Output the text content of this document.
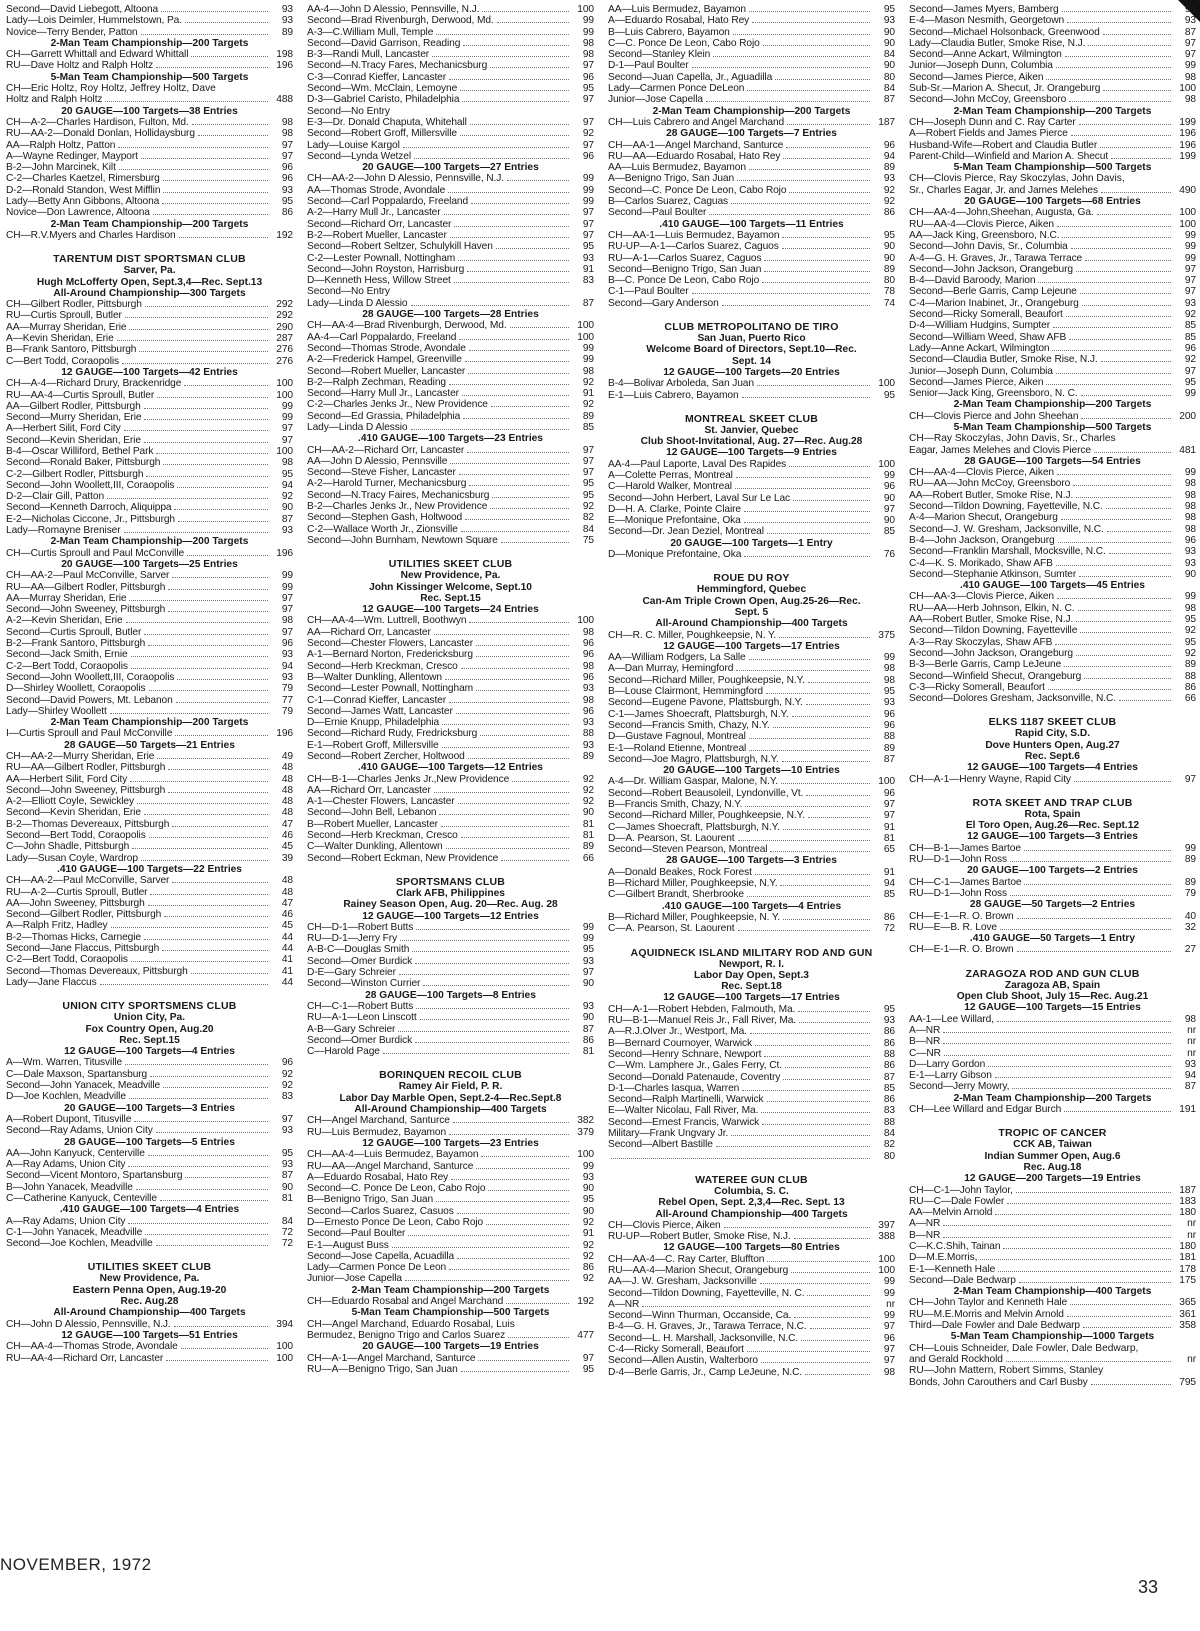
Second—David Liebegott, Altoona	93
Lady—Lois Deimler, Hummelstown, Pa.	93
Novice—Terry Bender, Patton	89
2-Man Team Championship—200 Targets
CH—Garrett Whittall and Edward Whittall	198
RU—Dave Holtz and Ralph Holtz	196
5-Man Team Championship—500 Targets
CH—Eric Holtz, Roy Holtz, Jeffrey Holtz, Dave
Holtz and Ralph Holtz	488
20 GAUGE—100 Targets—38 Entries
CH—A-2—Charles Hardison, Fulton, Md.	98
RU—AA-2—Donald Donlan, Hollidaysburg	98
AA—Ralph Holtz, Patton	97
A—Wayne Redinger, Mayport	97
B-2—John Marcinek, Kilt	96
C-2—Charles Kaetzel, Rimersburg	96
D-2—Ronald Standon, West Mifflin	93
Lady—Betty Ann Gibbons, Altoona	95
Novice—Don Lawrence, Altoona	86
2-Man Team Championship—200 Targets
CH—R.V.Myers and Charles Hardison	192
TARENTUM DIST SPORTSMAN CLUB
Sarver, Pa.
Hugh McLofferty Open, Sept.3,4—Rec. Sept.13
All-Around Championship—300 Targets
CH—Gilbert Rodler, Pittsburgh	292
RU—Curtis Sproull, Butler	292
AA—Murray Sheridan, Erie	290
A—Kevin Sheridan, Erie	287
B—Frank Santoro, Pittsburgh	276
C—Bert Todd, Coraopolis	276
12 GAUGE—100 Targets—42 Entries
CH—A-4—Richard Drury, Brackenridge	100
RU—AA-4—Curtis Sproull, Butler	100
AA—Gilbert Rodler, Pittsburgh	99
Second—Murry Sheridan, Erie	99
A—Herbert Silit, Ford City	97
Second—Kevin Sheridan, Erie	97
B-4—Oscar Williford, Bethel Park	100
Second—Ronald Baker, Pittsburgh	98
C-2—Gilbert Rodler, Pittsburgh	95
Second—John Woollett,III, Coraopolis	94
D-2—Clair Gill, Patton	92
Second—Kenneth Darroch, Aliquippa	90
E-2—Nicholas Ciccone, Jr., Pittsburgh	87
Lady—Romayne Breniser	93
2-Man Team Championship—200 Targets
CH—Curtis Sproull and Paul McConville	196
20 GAUGE—100 Targets—25 Entries
CH—AA-2—Paul McConville, Sarver	99
RU—AA—Gilbert Rodler, Pittsburgh	99
AA—Murray Sheridan, Erie	97
Second—John Sweeney, Pittsburgh	97
A-2—Kevin Sheridan, Erie	98
Second—Curtis Sproull, Butler	97
B-2—Frank Santoro, Pittsburgh	96
Second—Jack Smith, Ernie	93
C-2—Bert Todd, Coraopolis	94
Second—John Woollett,III, Coraopolis	93
D—Shirley Woollett, Coraopolis	79
Second—David Powers, Mt. Lebanon	77
Lady—Shirley Woollett	79
2-Man Team Championship—200 Targets
I—Curtis Sproull and Paul McConville	196
28 GAUGE—50 Targets—21 Entries
CH—AA-2—Murry Sheridan, Erie	49
RU—AA—Gilbert Rodler, Pittsburgh	48
AA—Herbert Silit, Ford City	48
Second—John Sweeney, Pittsburgh	48
A-2—Elliott Coyle, Sewickley	48
Second—Kevin Sheridan, Erie	48
B-2—Thomas Devereaux, Pittsburgh	47
Second—Bert Todd, Coraopolis	46
C—John Shadle, Pittsburgh	45
Lady—Susan Coyle, Wardrop	39
.410 GAUGE—100 Targets—22 Entries
CH—AA-2—Paul McConville, Sarver	48
RU—A-2—Curtis Sproull, Butler	48
AA—John Sweeney, Pittsburgh	47
Second—Gilbert Rodler, Pittsburgh	46
A—Ralph Fritz, Hadley	45
B-2—Thomas Hicks, Carnegie	44
Second—Jane Flaccus, Pittsburgh	44
C-2—Bert Todd, Coraopolis	41
Second—Thomas Devereaux, Pittsburgh	41
Lady—Jane Flaccus	44
UNION CITY SPORTSMENS CLUB
Union City, Pa.
Fox Country Open, Aug.20
Rec. Sept.15
12 GAUGE—100 Targets—4 Entries
A—Wm. Warren, Titusville	96
C—Dale Maxson, Spartansburg	92
Second—John Yanacek, Meadville	92
D—Joe Kochlen, Meadville	83
20 GAUGE—100 Targets—3 Entries
A—Robert Dupont, Titusville	97
Second—Ray Adams, Union City	93
28 GAUGE—100 Targets—5 Entries
AA—John Kanyuck, Centerville	95
A—Ray Adams, Union City	93
Second—Vicent Montoro, Spartansburg	87
B—John Yanacek, Meadville	90
C—Catherine Kanyuck, Centeville	81
.410 GAUGE—100 Targets—4 Entries
A—Ray Adams, Union City	84
C-1—John Yanacek, Meadville	72
Second—Joe Kochlen, Meadville	72
UTILITIES SKEET CLUB
New Providence, Pa.
Eastern Penna Open, Aug.19-20
Rec. Aug.28
All-Around Championship—400 Targets
CH—John D Alessio, Pennsville, N.J.	394
12 GAUGE—100 Targets—51 Entries
CH—AA-4—Thomas Strode, Avondale	100
RU—AA-4—Richard Orr, Lancaster	100
AA-4—John D Alessio, Pennsville, N.J.	100
Second—Brad Rivenburgh, Derwood, Md.	99
A-3—C.William Mull, Temple	99
Second—David Garrison, Reading	98
B-3—Randi Mull, Lancaster	98
Second—N.Tracy Fares, Mechanicsburg	97
C-3—Conrad Kieffer, Lancaster	96
Second—Wm. McClain, Lemoyne	95
D-3—Gabriel Caristo, Philadelphia	97
Second—No Entry
E-3—Dr. Donald Chaputa, Whitehall	97
Second—Robert Groff, Millersville	92
Lady—Louise Kargol	97
Second—Lynda Wetzel	96
20 GAUGE—100 Targets—27 Entries
CH—AA-2—John D Alessio, Pennsville, N.J.	99
AA—Thomas Strode, Avondale	99
Second—Carl Poppalardo, Freeland	99
A-2—Harry Mull Jr., Lancaster	97
Second—Richard Orr, Lancaster	97
B-2—Robert Mueller, Lancaster	97
Second—Robert Seltzer, Schulykill Haven	95
C-2—Lester Pownall, Nottingham	93
Second—John Royston, Harrisburg	91
D—Kenneth Hess, Willow Street	83
Second—No Entry
Lady—Linda D Alessio	87
28 GAUGE—100 Targets—28 Entries
CH—AA-4—Brad Rivenburgh, Derwood, Md.	100
AA-4—Carl Poppalardo, Freeland	100
Second—Thomas Strode, Avondale	99
A-2—Frederick Hampel, Greenville	99
Second—Robert Mueller, Lancaster	98
B-2—Ralph Zechman, Reading	92
Second—Harry Mull Jr., Lancaster	91
C-2—Charles Jenks Jr., New Providence	92
Second—Ed Grassia, Philadelphia	89
Lady—Linda D Alessio	85
.410 GAUGE—100 Targets—23 Entries
CH—AA-2—Richard Orr, Lancaster	97
AA—John D Alessio, Pennsville	97
Second—Steve Fisher, Lancaster	97
A-2—Harold Turner, Mechanicsburg	95
Second—N.Tracy Faires, Mechanicsburg	95
B-2—Charles Jenks Jr., New Providence	92
Second—Stephen Gash, Holtwood	82
C-2—Wallace Worth Jr., Zionsville	84
Second—John Burnham, Newtown Square	75
UTILITIES SKEET CLUB
New Providence, Pa.
John Kissinger Welcome, Sept.10
Rec. Sept.15
12 GAUGE—100 Targets—24 Entries
CH—AA-4—Wm. Luttrell, Boothwyn	100
AA—Richard Orr, Lancaster	98
Second—Chester Flowers, Lancaster	96
A-1—Bernard Norton, Fredericksburg	96
Second—Herb Kreckman, Cresco	98
B—Walter Dunkling, Allentown	96
Second—Lester Pownall, Nottingham	93
C-1—Conrad Kieffer, Lancaster	98
Second—James Watt, Lancaster	96
D—Ernie Knupp, Philadelphia	93
Second—Richard Rudy, Fredricksburg	88
E-1—Robert Groff, Millersville	93
Second—Robert Zercher, Holtwood	89
.410 GAUGE—100 Targets—12 Entries
CH—B-1—Charles Jenks Jr.,New Providence	92
AA—Richard Orr, Lancaster	92
A-1—Chester Flowers, Lancaster	92
Second—John Bell, Lebanon	90
B—Robert Mueller, Lancaster	81
Second—Herb Kreckman, Cresco	81
C—Walter Dunkling, Allentown	89
Second—Robert Eckman, New Providence	66
SPORTSMANS CLUB
Clark AFB, Philippines
Rainey Season Open, Aug. 20—Rec. Aug. 28
12 GAUGE—100 Targets—12 Entries
CH—D-1—Robert Butts	99
RU—D-1—Jerry Fry	99
A-B-C—Douglas Smith	95
Second—Omer Burdick	93
D-E—Gary Schreier	97
Second—Winston Currier	90
28 GAUGE—100 Targets—8 Entries
CH—C-1—Robert Butts	93
RU—A-1—Leon Linscott	90
A-B—Gary Schreier	87
Second—Omer Burdick	86
C—Harold Page	81
BORINQUEN RECOIL CLUB
Ramey Air Field, P. R.
Labor Day Marble Open, Sept.2-4—Rec.Sept.8
All-Around Championship—400 Targets
CH—Angel Marchand, Santurce	382
RU—Luis Bermudez, Bayamon	379
12 GAUGE—100 Targets—23 Entries
CH—AA-4—Luis Bermudez, Bayamon	100
RU—AA—Angel Marchand, Santurce	99
A—Eduardo Rosabal, Hato Rey	93
Second—C. Ponce De Leon, Cabo Rojo	90
B—Benigno Trigo, San Juan	95
Second—Carlos Suarez, Casuos	90
D—Ernesto Ponce De Leon, Cabo Rojo	92
Second—Paul Boulter	91
E-1—August Buss	92
Second—Jose Capella, Acuadilla	92
Lady—Carmen Ponce De Leon	86
Junior—Jose Capella	92
2-Man Team Championship—200 Targets
CH—Eduardo Rosabal and Angel Marchand	192
5-Man Team Championship—500 Targets
CH—Angel Marchand, Eduardo Rosabal, Luis
Bermudez, Benigno Trigo and Carlos Suarez	477
20 GAUGE—100 Targets—19 Entries
CH—A-1—Angel Marchand, Santurce	97
RU—A—Benigno Trigo, San Juan	95
AA—Luis Bermudez, Bayamon	95
A—Eduardo Rosabal, Hato Rey	93
B—Luis Cabrero, Bayamon	90
C—C. Ponce De Leon, Cabo Rojo	90
Second—Stanley Klein	84
D-1—Paul Boulter	90
Second—Juan Capella, Jr., Aguadilla	80
Lady—Carmen Ponce DeLeon	84
Junior—Jose Capella	87
2-Man Team Championship—200 Targets
CH—Luis Cabrero and Angel Marchand	187
28 GAUGE—100 Targets—7 Entries
CH—AA-1—Angel Marchand, Santurce	96
RU—AA—Eduardo Rosabal, Hato Rey	94
AA—Luis Bermudez, Bayamon	89
A—Benigno Trigo, San Juan	93
Second—C. Ponce De Leon, Cabo Rojo	92
B—Carlos Suarez, Caguas	92
Second—Paul Boulter	86
.410 GAUGE—100 Targets—11 Entries
CH—AA-1—Luis Bermudez, Bayamon	95
RU-UP—A-1—Carlos Suarez, Caguos	90
RU—A-1—Carlos Suarez, Caguos	90
Second—Benigno Trigo, San Juan	89
B—C. Ponce De Leon, Cabo Rojo	80
C-1—Paul Boulter	78
Second—Gary Anderson	74
CLUB METROPOLITANO DE TIRO
San Juan, Puerto Rico
Welcome Board of Directors, Sept.10—Rec.
Sept. 14
12 GAUGE—100 Targets—20 Entries
B-4—Bolivar Arboleda, San Juan	100
E-1—Luis Cabrero, Bayamon	95
MONTREAL SKEET CLUB
St. Janvier, Quebec
Club Shoot-Invitational, Aug. 27—Rec. Aug.28
12 GAUGE—100 Targets—9 Entries
AA-4—Paul Laporte, Laval Des Rapides	100
A—Colette Perras, Montreal	99
C—Harold Walker, Montreal	96
Second—John Herbert, Laval Sur Le Lac	90
D—H. A. Clarke, Pointe Claire	97
E—Monique Prefontaine, Oka	90
Second—Dr. Jean Deziel, Montreal	85
20 GAUGE—100 Targets—1 Entry
D—Monique Prefontaine, Oka	76
ROUE DU ROY
Hemmingford, Quebec
Can-Am Triple Crown Open, Aug.25-26—Rec.
Sept. 5
All-Around Championship—400 Targets
CH—R. C. Miller, Poughkeepsie, N. Y.	375
12 GAUGE—100 Targets—17 Entries
AA—William Rodgers, La Salle	99
A—Dan Murray, Hemingford	98
Second—Richard Miller, Poughkeepsie, N.Y.	98
B—Louse Clairmont, Hemmingford	95
Second—Eugene Pavone, Plattsburgh, N.Y.	93
C-1—James Shoecraft, Plattsburgh, N.Y.	96
Second—Francis Smith, Chazy, N.Y.	96
D—Gustave Fagnoul, Montreal	88
E-1—Roland Etienne, Montreal	89
Second—Joe Magro, Plattsburgh, N.Y.	87
20 GAUGE—100 Targets—10 Entries
A-4—Dr. William Gaspar, Malone, N.Y.	100
Second—Robert Beausoleil, Lyndonville, Vt.	96
B—Francis Smith, Chazy, N.Y.	97
Second—Richard Miller, Poughkeepsie, N.Y.	97
C—James Shoecraft, Plattsburgh, N.Y.	91
D—A. Pearson, St. Laourent	81
Second—Steven Pearson, Montreal	65
28 GAUGE—100 Targets—3 Entries
A—Donald Beakes, Rock Forest	91
B—Richard Miller, Poughkeepsie, N.Y.	94
C—Gilbert Brandt, Sherbrooke	85
.410 GAUGE—100 Targets—4 Entries
B—Richard Miller, Poughkeepsie, N. Y.	86
C—A. Pearson, St. Laourent	72
AQUIDNECK ISLAND MILITARY ROD AND GUN
Newport, R. I.
Labor Day Open, Sept.3
Rec. Sept.18
12 GAUGE—100 Targets—17 Entries
CH—A-1—Robert Hebden, Falmouth, Ma.	95
RU—B-1—Manuel Reis Jr., Fall River, Ma.	93
A—R.J.Olver Jr., Westport, Ma.	86
B—Bernard Cournoyer, Warwick	86
Second—Henry Schnare, Newport	88
C—Wm. Lamphere Jr., Gales Ferry, Ct.	86
Second—Donald Patenaude, Coventry	87
D-1—Charles Iasqua, Warren	85
Second—Ralph Martinelli, Warwick	86
E—Walter Nicolau, Fall River, Ma.	83
Second—Ernest Francis, Warwick	88
Military—Frank Ungvary Jr.	84
Second—Albert Bastille	82
80
WATEREE GUN CLUB
Columbia, S. C.
Rebel Open, Sept. 2,3,4—Rec. Sept. 13
All-Around Championship—400 Targets
CH—Clovis Pierce, Aiken	397
RU-UP—Robert Butler, Smoke Rise, N.J.	388
12 GAUGE—100 Targets—80 Entries
CH—AA-4—C. Ray Carter, Bluffton	100
RU—AA-4—Marion Shecut, Orangeburg	100
AA—J. W. Gresham, Jacksonville	99
Second—Tildon Downing, Fayetteville, N. C.	99
A—NR	nr
Second—Winn Thurman, Occanside, Ca.	99
B-4—G. H. Graves, Jr., Tarawa Terrace, N.C.	97
Second—L. H. Marshall, Jacksonville, N.C.	96
C-4—Ricky Somerall, Beaufort	97
Second—Allen Austin, Walterboro	97
D-4—Berle Garris, Jr., Camp LeJeune, N.C.	98
Second—James Myers, Bamberg	94
E-4—Mason Nesmith, Georgetown	93
Second—Michael Holsonback, Greenwood	87
Lady—Claudia Butler, Smoke Rise, N.J.	97
Second—Anne Ackart, Wilmington	97
Junior—Joseph Dunn, Columbia	99
Second—James Pierce, Aiken	98
Sub-Sr.—Marion A. Shecut, Jr. Orangeburg	100
Second—John McCoy, Greensboro	98
2-Man Team Championship—200 Targets
CH—Joseph Dunn and C. Ray Carter	199
A—Robert Fields and James Pierce	196
Husband-Wife—Robert and Claudia Butler	196
Parent-Child—Winfield and Marion A. Shecut	199
5-Man Team Championship—500 Targets
CH—Clovis Pierce, Ray Skoczylas, John Davis,
Sr., Charles Eagar, Jr. and James Melehes	490
20 GAUGE—100 Targets—68 Entries
CH—AA-4—John,Sheehan, Augusta, Ga.	100
RU—AA-4—Clovis Pierce, Aiken	100
AA—Jack King, Greensboro, N.C.	99
Second—John Davis, Sr., Columbia	99
A-4—G. H. Graves, Jr., Tarawa Terrace	99
Second—John Jackson, Orangeburg	97
B-4—David Baroody, Marion	97
Second—Berle Garris, Camp Lejeune	97
C-4—Marion Inabinet, Jr., Orangeburg	93
Second—Ricky Somerall, Beaufort	92
D-4—William Hudgins, Sumpter	85
Second—William Weed, Shaw AFB	85
Lady—Anne Ackart, Wilmington	96
Second—Claudia Butler, Smoke Rise, N.J.	92
Junior—Joseph Dunn, Columbia	97
Second—James Pierce, Aiken	95
Senior—Jack King, Greensboro, N. C.	99
2-Man Team Championship—200 Targets
CH—Clovis Pierce and John Sheehan	200
5-Man Team Championship—500 Targets
CH—Ray Skoczylas, John Davis, Sr., Charles
Eagar, James Melehes and Clovis Pierce	481
28 GAUGE—100 Targets—54 Entries
CH—AA-4—Clovis Pierce, Aiken	99
RU—AA—John McCoy, Greensboro	98
AA—Robert Butler, Smoke Rise, N.J.	98
Second—Tildon Downing, Fayetteville, N.C.	98
A-4—Marion Shecut, Orangeburg	98
Second—J. W. Gresham, Jacksonville, N.C.	98
B-4—John Jackson, Orangeburg	96
Second—Franklin Marshall, Mocksville, N.C.	93
C-4—K. S. Morikado, Shaw AFB	93
Second—Stephanie Atkinson, Sumter	90
.410 GAUGE—100 Targets—45 Entries
CH—AA-3—Clovis Pierce, Aiken	99
RU—AA—Herb Johnson, Elkin, N. C.	98
AA—Robert Butler, Smoke Rise, N.J.	95
Second—Tildon Downing, Fayetteville	92
A-3—Ray Skoczylas, Shaw AFB	95
Second—John Jackson, Orangeburg	92
B-3—Berle Garris, Camp LeJeune	89
Second—Winfield Shecut, Orangeburg	88
C-3—Ricky Somerall, Beaufort	86
Second—Dolores Gresham, Jacksonville, N.C.	66
ELKS 1187 SKEET CLUB
Rapid City, S.D.
Dove Hunters Open, Aug.27
Rec. Sept.6
12 GAUGE—100 Targets—4 Entries
CH—A-1—Henry Wayne, Rapid City	97
ROTA SKEET AND TRAP CLUB
Rota, Spain
El Toro Open, Aug.26—Rec. Sept.12
12 GAUGE—100 Targets—3 Entries
CH—B-1—James Bartoe	99
RU—D-1—John Ross	89
20 GAUGE—100 Targets—2 Entries
CH—C-1—James Bartoe	89
RU—D-1—John Ross	79
28 GAUGE—50 Targets—2 Entries
CH—E-1—R. O. Brown	40
RU—E—B. R. Love	32
.410 GAUGE—50 Targets—1 Entry
CH—E-1—R. O. Brown	27
ZARAGOZA ROD AND GUN CLUB
Zaragoza AB, Spain
Open Club Shoot, July 15—Rec. Aug.21
12 GAUGE—100 Targets—15 Entries
AA-1—Lee Willard,	98
A—NR	nr
B—NR	nr
C—NR	nr
D—Larry Gordon	93
E-1—Larry Gibson	94
Second—Jerry Mowry,	87
2-Man Team Championship—200 Targets
CH—Lee Willard and Edgar Burch	191
TROPIC OF CANCER
CCK AB, Taiwan
Indian Summer Open, Aug.6
Rec. Aug.18
12 GAUGE—200 Targets—19 Entries
CH—C-1—John Taylor,	187
RU—C—Dale Fowler	183
AA—Melvin Arnold	180
A—NR	nr
B—NR	nr
C—K.C.Shih, Tainan	180
D—M.E.Morris,	181
E-1—Kenneth Hale	178
Second—Dale Bedwarp	175
2-Man Team Championship—400 Targets
CH—John Taylor and Kenneth Hale	365
RU—M.E.Morris and Melvin Arnold	361
Third—Dale Fowler and Dale Bedwarp	358
5-Man Team Championship—1000 Targets
CH—Louis Schneider, Dale Fowler, Dale Bedwarp,
and Gerald Rockhold	nr
RU—John Mattern, Robert Simms, Stanley
Bonds, John Carouthers and Carl Busby	795
NOVEMBER, 1972
33
